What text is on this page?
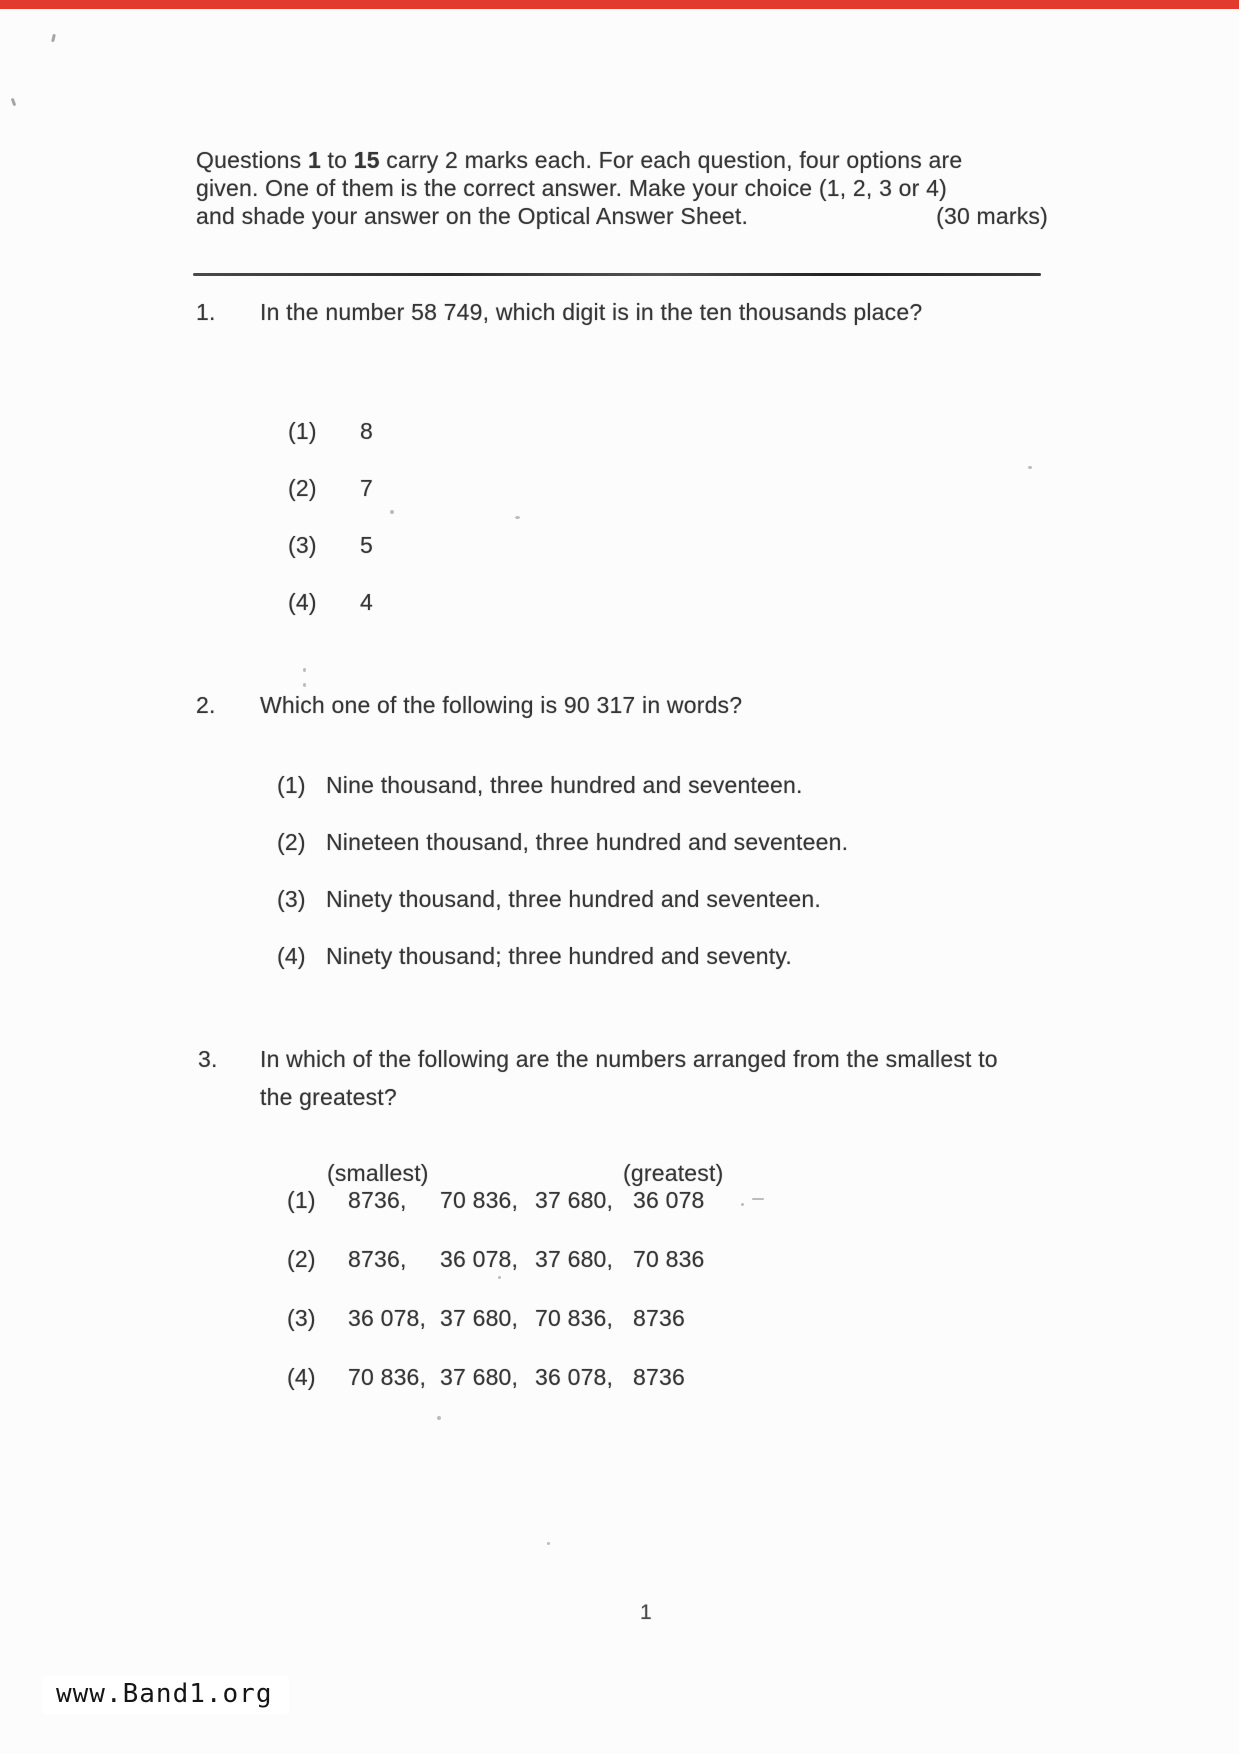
Questions 1 to 15 carry 2 marks each. For each question, four options are
given. One of them is the correct answer. Make your choice (1, 2, 3 or 4)
and shade your answer on the Optical Answer Sheet.	(30 marks)
1. In the number 58 749, which digit is in the ten thousands place?
(1)	8
(2)	7
(3)	5
(4)	4
2. Which one of the following is 90 317 in words?
(1) Nine thousand, three hundred and seventeen.
(2) Nineteen thousand, three hundred and seventeen.
(3) Ninety thousand, three hundred and seventeen.
(4) Ninety thousand; three hundred and seventy.
3. In which of the following are the numbers arranged from the smallest to
the greatest?
(smallest)	(greatest)
(1)	8736,	70 836, 37 680, 36 078
(2)	8736,	36 078, 37 680, 70 836
(3)	36 078, 37 680, 70 836, 8736
(4)	70 836, 37 680, 36 078, 8736
1
www.Band1.org
